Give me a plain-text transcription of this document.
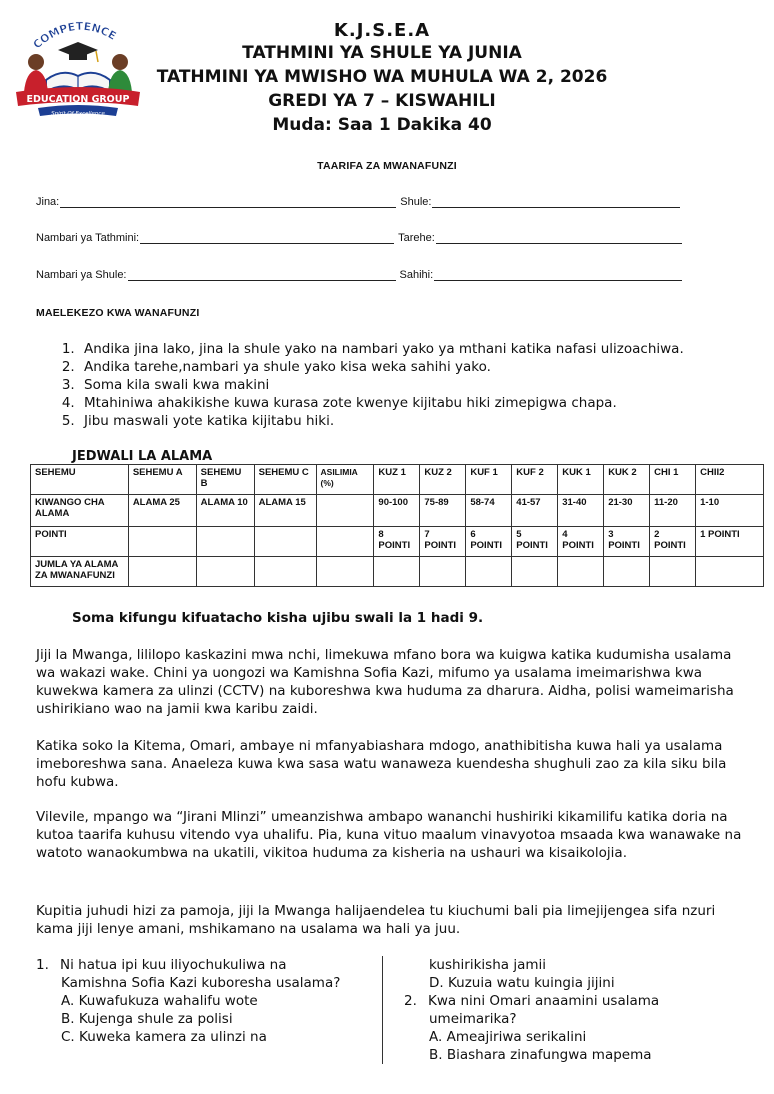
COMPETENCE
EDUCATION GROUP
Spirit Of Excellence
K.J.S.E.A
TATHMINI YA SHULE YA JUNIA
TATHMINI YA MWISHO WA MUHULA WA 2, 2026
GREDI YA 7 – KISWAHILI
Muda: Saa 1 Dakika 40
TAARIFA ZA MWANAFUNZI
Jina:	Shule:
Nambari ya Tathmini:	Tarehe:
Nambari ya Shule:	Sahihi:
MAELEKEZO KWA WANAFUNZI
1. Andika jina lako, jina la shule yako na nambari yako ya mthani katika nafasi ulizoachiwa.
2. Andika tarehe,nambari ya shule yako kisa weka sahihi yako.
3. Soma kila swali kwa makini
4. Mtahiniwa ahakikishe kuwa kurasa zote kwenye kijitabu hiki zimepigwa chapa.
5. Jibu maswali yote katika kijitabu hiki.
JEDWALI LA ALAMA
SEHEMU	SEHEMU A	SEHEMU B	SEHEMU C	ASILIMIA (%)	KUZ 1	KUZ 2	KUF 1	KUF 2	KUK 1	KUK 2	CHI 1	CHII2
KIWANGO CHA ALAMA	ALAMA 25	ALAMA 10	ALAMA 15		90-100	75-89	58-74	41-57	31-40	21-30	11-20	1-10
POINTI					8 POINTI	7 POINTI	6 POINTI	5 POINTI	4 POINTI	3 POINTI	2 POINTI	1 POINTI
JUMLA YA ALAMA ZA MWANAFUNZI												
Soma kifungu kifuatacho kisha ujibu swali la 1 hadi 9.
Jiji la Mwanga, lililopo kaskazini mwa nchi, limekuwa mfano bora wa kuigwa katika kudumisha usalama wa wakazi wake. Chini ya uongozi wa Kamishna Sofia Kazi, mifumo ya usalama imeimarishwa kwa kuwekwa kamera za ulinzi (CCTV) na kuboreshwa kwa huduma za dharura. Aidha, polisi wameimarisha ushirikiano wao na jamii kwa karibu zaidi.
Katika soko la Kitema, Omari, ambaye ni mfanyabiashara mdogo, anathibitisha kuwa hali ya usalama imeboreshwa sana. Anaeleza kuwa kwa sasa watu wanaweza kuendesha shughuli zao za kila siku bila hofu kubwa.
Vilevile, mpango wa “Jirani Mlinzi” umeanzishwa ambapo wananchi hushiriki kikamilifu katika doria na kutoa taarifa kuhusu vitendo vya uhalifu. Pia, kuna vituo maalum vinavyotoa msaada kwa wanawake na watoto wanaokumbwa na ukatili, vikitoa huduma za kisheria na ushauri wa kisaikolojia.
Kupitia juhudi hizi za pamoja, jiji la Mwanga halijaendelea tu kiuchumi bali pia limejijengea sifa nzuri kama jiji lenye amani, mshikamano na usalama wa hali ya juu.
1. Ni hatua ipi kuu iliyochukuliwa na
Kamishna Sofia Kazi kuboresha usalama?
A. Kuwafukuza wahalifu wote
B. Kujenga shule za polisi
C. Kuweka kamera za ulinzi na
kushirikisha jamii
D. Kuzuia watu kuingia jijini
2. Kwa nini Omari anaamini usalama
umeimarika?
A. Ameajiriwa serikalini
B. Biashara zinafungwa mapema
